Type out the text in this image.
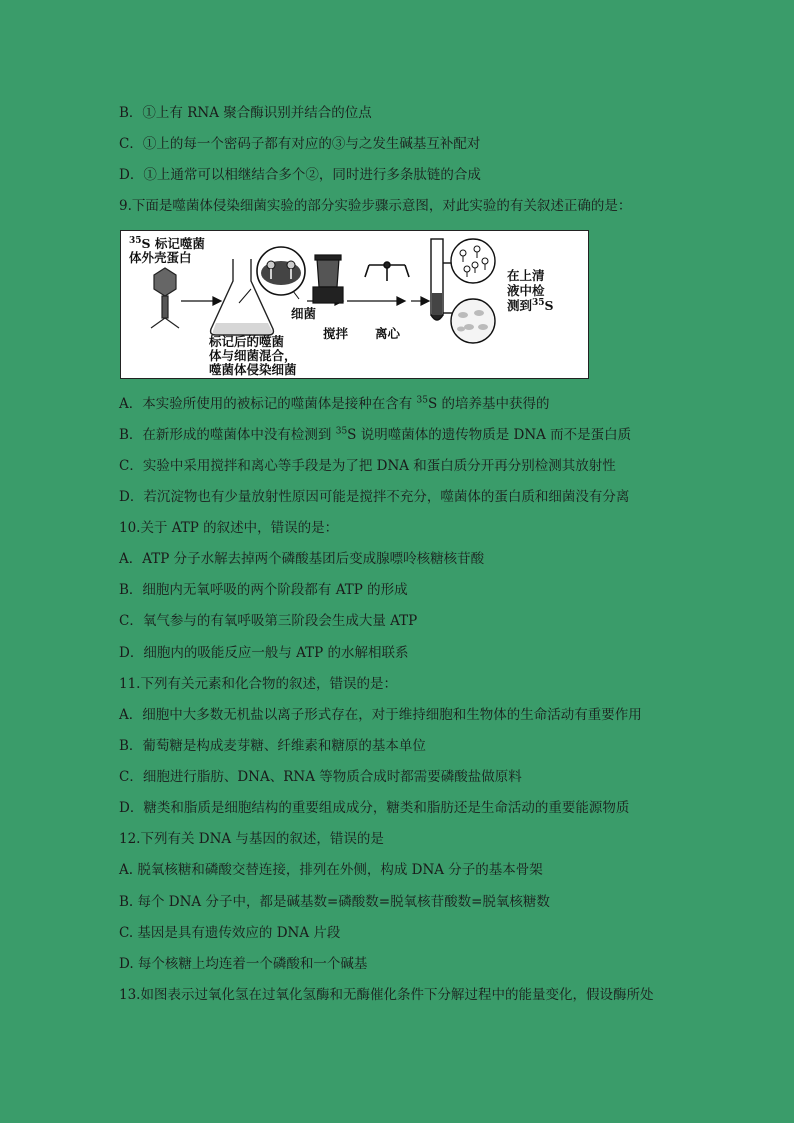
B．①上有 RNA 聚合酶识别并结合的位点
C．①上的每一个密码子都有对应的③与之发生碱基互补配对
D．①上通常可以相继结合多个②，同时进行多条肽链的合成
9.下面是噬菌体侵染细菌实验的部分实验步骤示意图，对此实验的有关叙述正确的是：
$^{35}$S 标记噬菌
体外壳蛋白
细菌
标记后的噬菌
体与细菌混合，
噬菌体侵染细菌
搅拌 离心
在上清
液中检
测到$^{35}$S
A．本实验所使用的被标记的噬菌体是接种在含有 $^{35}$S 的培养基中获得的
B．在新形成的噬菌体中没有检测到 $^{35}$S 说明噬菌体的遗传物质是 DNA 而不是蛋白质
C．实验中采用搅拌和离心等手段是为了把 DNA 和蛋白质分开再分别检测其放射性
D．若沉淀物也有少量放射性原因可能是搅拌不充分，噬菌体的蛋白质和细菌没有分离
10.关于 ATP 的叙述中，错误的是：
A．ATP 分子水解去掉两个磷酸基团后变成腺嘌呤核糖核苷酸
B．细胞内无氧呼吸的两个阶段都有 ATP 的形成
C．氧气参与的有氧呼吸第三阶段会生成大量 ATP
D．细胞内的吸能反应一般与 ATP 的水解相联系
11.下列有关元素和化合物的叙述，错误的是：
A．细胞中大多数无机盐以离子形式存在，对于维持细胞和生物体的生命活动有重要作用
B．葡萄糖是构成麦芽糖、纤维素和糖原的基本单位
C．细胞进行脂肪、DNA、RNA 等物质合成时都需要磷酸盐做原料
D．糖类和脂质是细胞结构的重要组成成分，糖类和脂肪还是生命活动的重要能源物质
12.下列有关 DNA 与基因的叙述，错误的是
A. 脱氧核糖和磷酸交替连接，排列在外侧，构成 DNA 分子的基本骨架
B. 每个 DNA 分子中，都是碱基数=磷酸数=脱氧核苷酸数=脱氧核糖数
C. 基因是具有遗传效应的 DNA 片段
D. 每个核糖上均连着一个磷酸和一个碱基
13.如图表示过氧化氢在过氧化氢酶和无酶催化条件下分解过程中的能量变化，假设酶所处
